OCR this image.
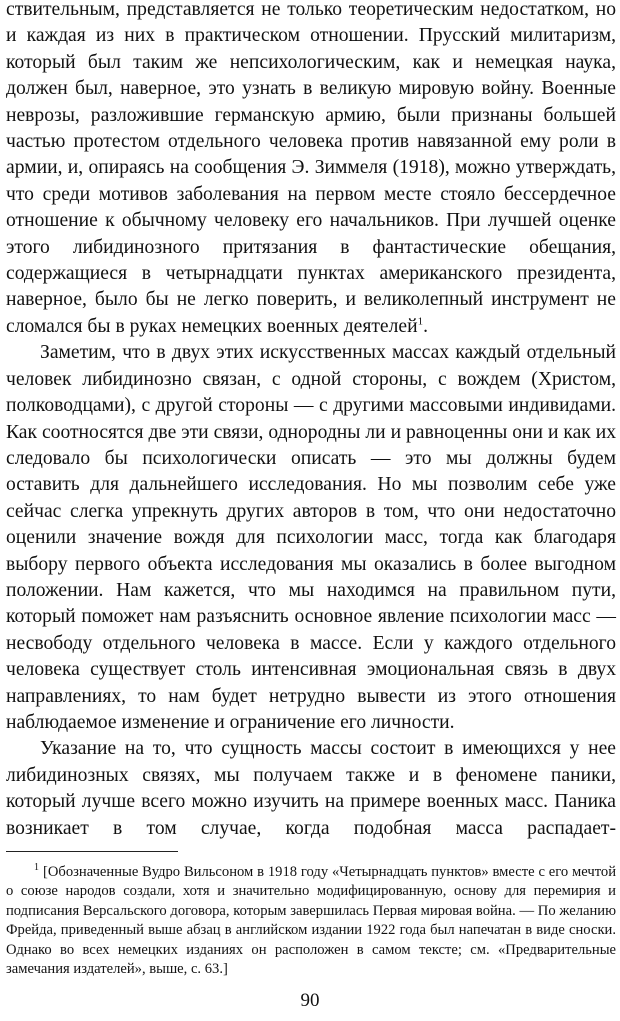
ствительным, представляется не только теоретическим недостатком, но и каждая из них в практическом отношении. Прусский милитаризм, который был таким же непсихологическим, как и немецкая наука, должен был, наверное, это узнать в великую мировую войну. Военные неврозы, разложившие германскую армию, были признаны большей частью протестом отдельного человека против навязанной ему роли в армии, и, опираясь на сообщения Э. Зиммеля (1918), можно утверждать, что среди мотивов заболевания на первом месте стояло бессердечное отношение к обычному человеку его начальников. При лучшей оценке этого либидинозного притязания в фантастические обещания, содержащиеся в четырнадцати пунктах американского президента, наверное, было бы не легко поверить, и великолепный инструмент не сломался бы в руках немецких военных деятелей$^1$.

Заметим, что в двух этих искусственных массах каждый отдельный человек либидинозно связан, с одной стороны, с вождем (Христом, полководцами), с другой стороны — с другими массовыми индивидами. Как соотносятся две эти связи, однородны ли и равноценны они и как их следовало бы психологически описать — это мы должны будем оставить для дальнейшего исследования. Но мы позволим себе уже сейчас слегка упрекнуть других авторов в том, что они недостаточно оценили значение вождя для психологии масс, тогда как благодаря выбору первого объекта исследования мы оказались в более выгодном положении. Нам кажется, что мы находимся на правильном пути, который поможет нам разъяснить основное явление психологии масс — несвободу отдельного человека в массе. Если у каждого отдельного человека существует столь интенсивная эмоциональная связь в двух направлениях, то нам будет нетрудно вывести из этого отношения наблюдаемое изменение и ограничение его личности.

Указание на то, что сущность массы состоит в имеющихся у нее либидинозных связях, мы получаем также и в феномене паники, который лучше всего можно изучить на примере военных масс. Паника возникает в том случае, когда подобная масса распадает-

$^1$ [Обозначенные Вудро Вильсоном в 1918 году «Четырнадцать пунктов» вместе с его мечтой о союзе народов создали, хотя и значительно модифицированную, основу для перемирия и подписания Версальского договора, которым завершилась Первая мировая война. — По желанию Фрейда, приведенный выше абзац в английском издании 1922 года был напечатан в виде сноски. Однако во всех немецких изданиях он расположен в самом тексте; см. «Предварительные замечания издателей», выше, с. 63.]
90
